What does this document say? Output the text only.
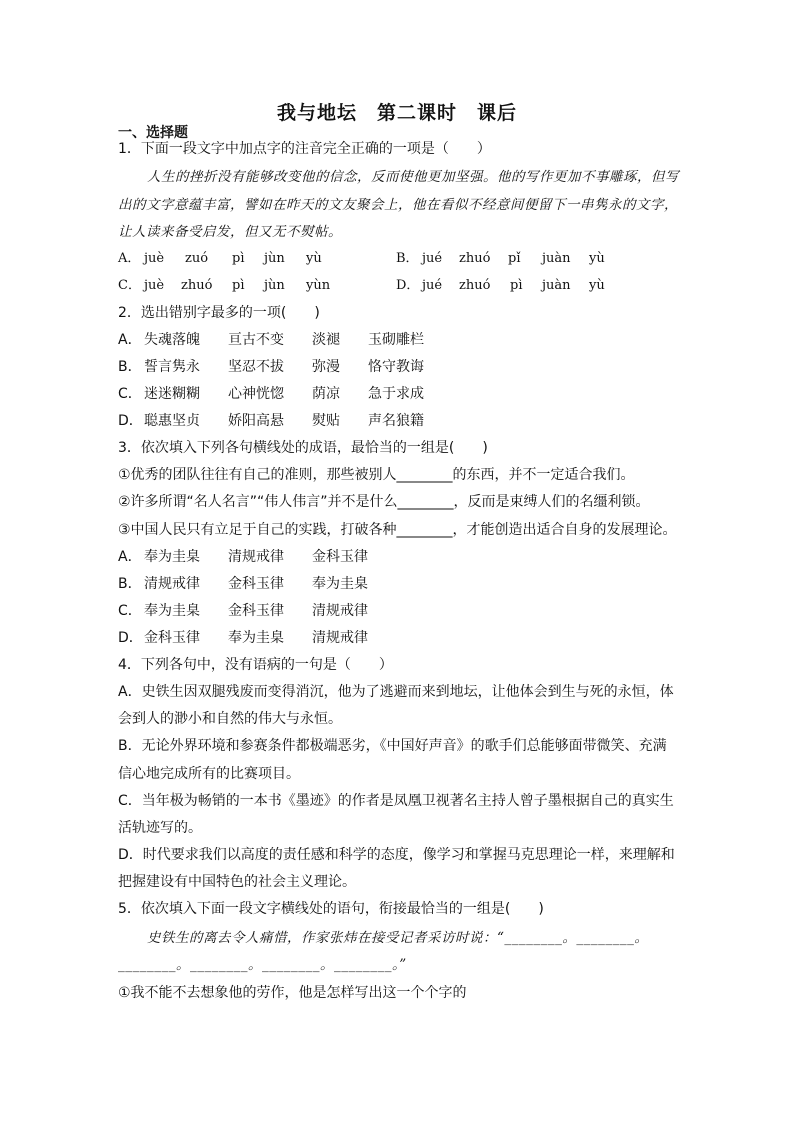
我与地坛　第二课时　课后
一、选择题
1．下面一段文字中加点字的注音完全正确的一项是（　　）
人生的挫折没有能够改变他的信念，反而使他更加坚强。他的写作更加不事雕琢，但写
出的文字意蕴丰富，譬如在昨天的文友聚会上，他在看似不经意间便留下一串隽永的文字，
让人读来备受启发，但又无不熨帖。

A．

juè

zuó

pì

jùn

yù

	B．

jué

zhuó

pǐ

juàn

yù

C．

juè

zhuó

pì

jùn

yùn

	D．

jué

zhuó

pì

juàn

yù

2．选出错别字最多的一项(　　)

A．

失魂落魄

亘古不变

淡褪

玉砌雕栏

B．

誓言隽永

坚忍不拔

弥漫

恪守教诲

C．

迷迷糊糊

心神恍惚

荫凉

急于求成

D．

聪惠坚贞

娇阳高悬

熨贴

声名狼籍

3．依次填入下列各句横线处的成语，最恰当的一组是(　　)
①优秀的团队往往有自己的准则，那些被别人________的东西，并不一定适合我们。
②许多所谓“名人名言”“伟人伟言”并不是什么________，反而是束缚人们的名缰利锁。
③中国人民只有立足于自己的实践，打破各种________，才能创造出适合自身的发展理论。

A．

奉为圭臬

清规戒律

金科玉律

B．

清规戒律

金科玉律

奉为圭臬

C．

奉为圭臬

金科玉律

清规戒律

D．

金科玉律

奉为圭臬

清规戒律

4．下列各句中，没有语病的一句是（　　）
A．史铁生因双腿残废而变得消沉，他为了逃避而来到地坛，让他体会到生与死的永恒，体
会到人的渺小和自然的伟大与永恒。
B．无论外界环境和参赛条件都极端恶劣，《中国好声音》的歌手们总能够面带微笑、充满
信心地完成所有的比赛项目。
C．当年极为畅销的一本书《墨迹》的作者是凤凰卫视著名主持人曾子墨根据自己的真实生
活轨迹写的。
D．时代要求我们以高度的责任感和科学的态度，像学习和掌握马克思理论一样，来理解和
把握建设有中国特色的社会主义理论。
5．依次填入下面一段文字横线处的语句，衔接最恰当的一组是(　　)
史铁生的离去令人痛惜，作家张炜在接受记者采访时说：“________。________。
________。________。________。________。”
①我不能不去想象他的劳作，他是怎样写出这一个个字的
